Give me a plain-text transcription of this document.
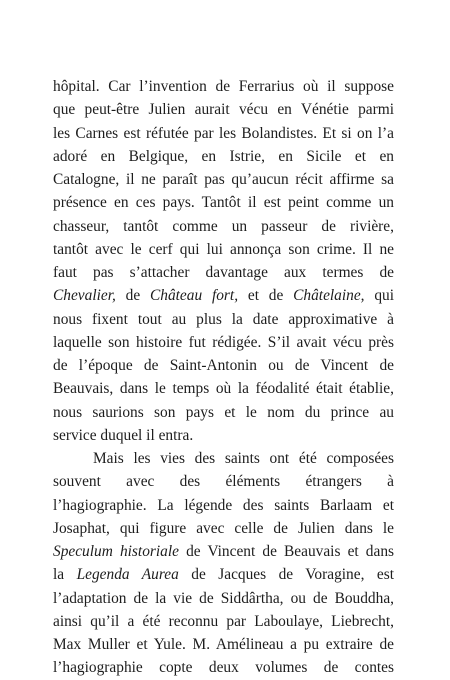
hôpital. Car l’invention de Ferrarius où il suppose
que peut-être Julien aurait vécu en Vénétie parmi
les Carnes est réfutée par les Bolandistes. Et si on l’a
adoré en Belgique, en Istrie, en Sicile et en
Catalogne, il ne paraît pas qu’aucun récit affirme sa
présence en ces pays. Tantôt il est peint comme un
chasseur, tantôt comme un passeur de rivière,
tantôt avec le cerf qui lui annonça son crime. Il ne
faut pas s’attacher davantage aux termes de
Chevalier, de Château fort, et de Châtelaine, qui
nous fixent tout au plus la date approximative à
laquelle son histoire fut rédigée. S’il avait vécu près
de l’époque de Saint-Antonin ou de Vincent de
Beauvais, dans le temps où la féodalité était établie,
nous saurions son pays et le nom du prince au
service duquel il entra.
Mais les vies des saints ont été composées
souvent avec des éléments étrangers à
l’hagiographie. La légende des saints Barlaam et
Josaphat, qui figure avec celle de Julien dans le
Speculum historiale de Vincent de Beauvais et dans
la Legenda Aurea de Jacques de Voragine, est
l’adaptation de la vie de Siddârtha, ou de Bouddha,
ainsi qu’il a été reconnu par Laboulaye, Liebrecht,
Max Muller et Yule. M. Amélineau a pu extraire de
l’hagiographie copte deux volumes de contes
